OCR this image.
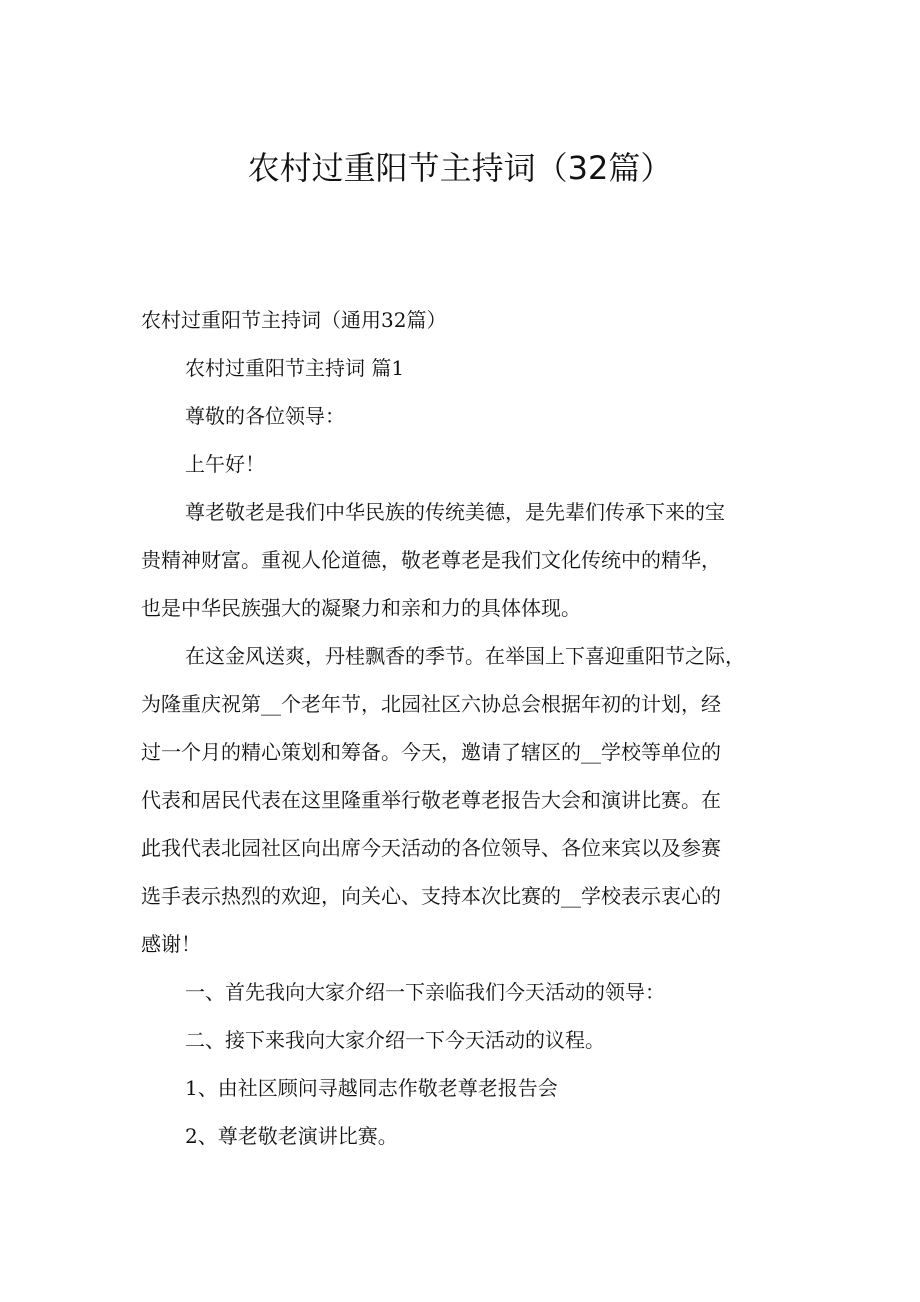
农村过重阳节主持词（32篇）

农村过重阳节主持词（通用32篇）

农村过重阳节主持词 篇1

尊敬的各位领导：

上午好！

尊老敬老是我们中华民族的传统美德，是先辈们传承下来的宝

贵精神财富。重视人伦道德，敬老尊老是我们文化传统中的精华，

也是中华民族强大的凝聚力和亲和力的具体体现。

在这金风送爽，丹桂飘香的季节。在举国上下喜迎重阳节之际，

为隆重庆祝第__个老年节，北园社区六协总会根据年初的计划，经

过一个月的精心策划和筹备。今天，邀请了辖区的__学校等单位的

代表和居民代表在这里隆重举行敬老尊老报告大会和演讲比赛。在

此我代表北园社区向出席今天活动的各位领导、各位来宾以及参赛

选手表示热烈的欢迎，向关心、支持本次比赛的__学校表示衷心的

感谢！

一、首先我向大家介绍一下亲临我们今天活动的领导：

二、接下来我向大家介绍一下今天活动的议程。

1、由社区顾问寻越同志作敬老尊老报告会

2、尊老敬老演讲比赛。
